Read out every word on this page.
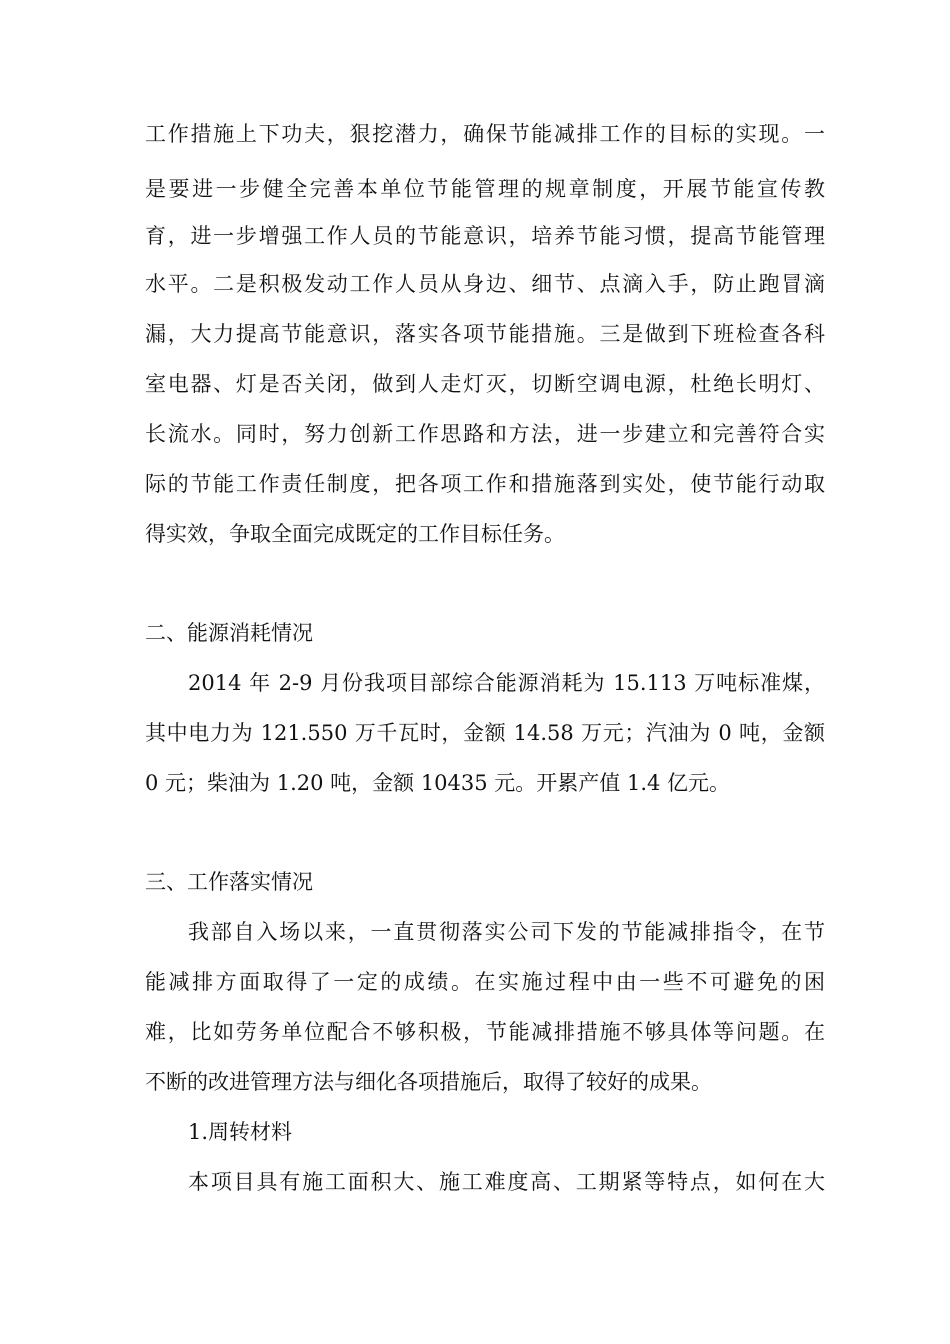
工作措施上下功夫，狠挖潜力，确保节能减排工作的目标的实现。一
是要进一步健全完善本单位节能管理的规章制度，开展节能宣传教
育，进一步增强工作人员的节能意识，培养节能习惯，提高节能管理
水平。二是积极发动工作人员从身边、细节、点滴入手，防止跑冒滴
漏，大力提高节能意识，落实各项节能措施。三是做到下班检查各科
室电器、灯是否关闭，做到人走灯灭，切断空调电源，杜绝长明灯、
长流水。同时，努力创新工作思路和方法，进一步建立和完善符合实
际的节能工作责任制度，把各项工作和措施落到实处，使节能行动取
得实效，争取全面完成既定的工作目标任务。
二、能源消耗情况
2014 年 2-9 月份我项目部综合能源消耗为 15.113 万吨标准煤，
其中电力为 121.550 万千瓦时，金额 14.58 万元；汽油为 0 吨，金额
0 元；柴油为 1.20 吨，金额 10435 元。开累产值 1.4 亿元。
三、工作落实情况
我部自入场以来，一直贯彻落实公司下发的节能减排指令，在节
能减排方面取得了一定的成绩。在实施过程中由一些不可避免的困
难，比如劳务单位配合不够积极，节能减排措施不够具体等问题。在
不断的改进管理方法与细化各项措施后，取得了较好的成果。
1.周转材料
本项目具有施工面积大、施工难度高、工期紧等特点，如何在大
